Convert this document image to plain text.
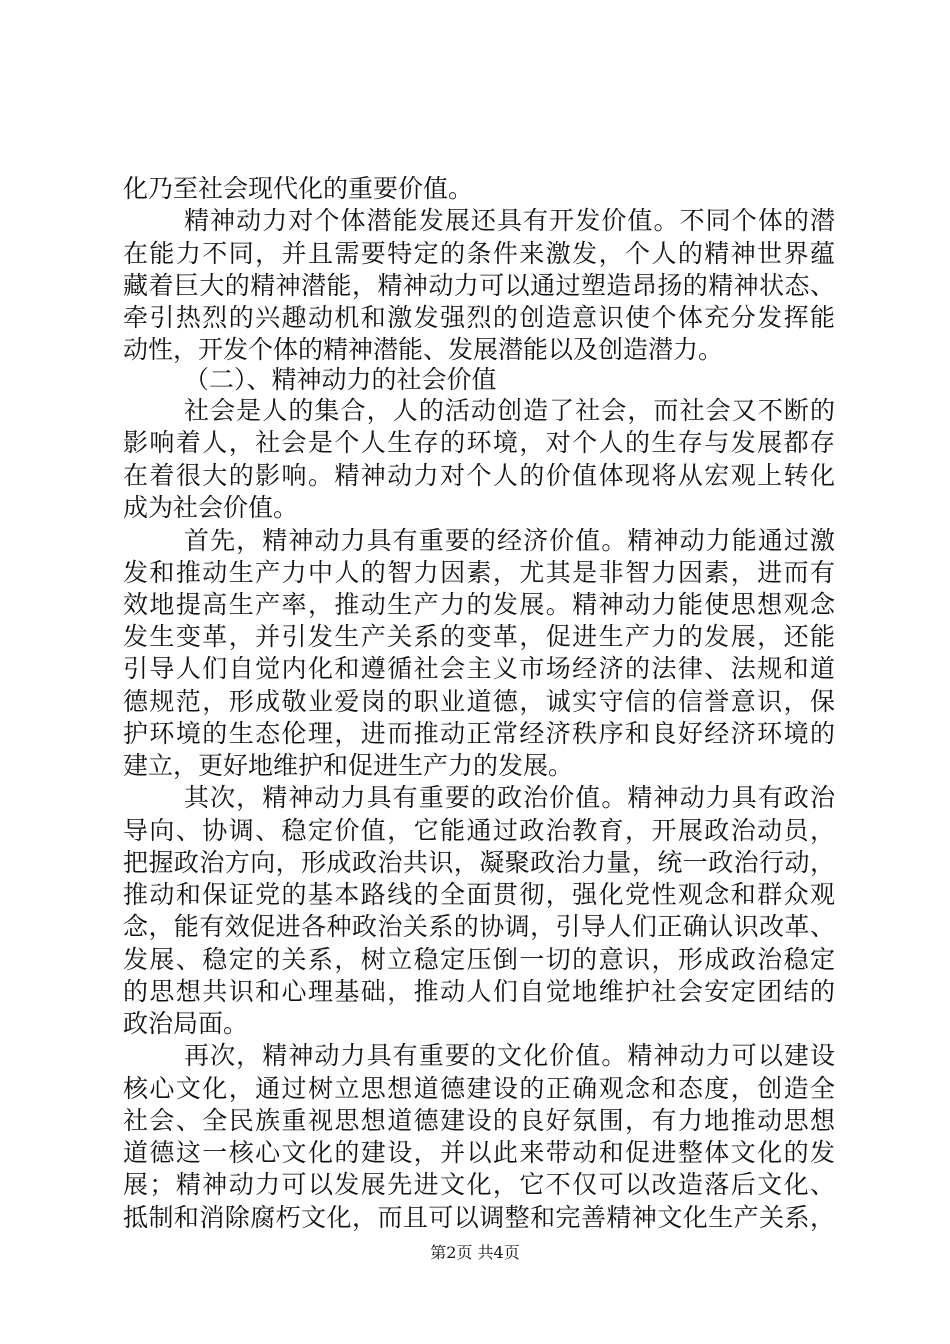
化乃至社会现代化的重要价值。
精神动力对个体潜能发展还具有开发价值。不同个体的潜
在能力不同，并且需要特定的条件来激发，个人的精神世界蕴
藏着巨大的精神潜能，精神动力可以通过塑造昂扬的精神状态、
牵引热烈的兴趣动机和激发强烈的创造意识使个体充分发挥能
动性，开发个体的精神潜能、发展潜能以及创造潜力。
（二）、精神动力的社会价值
社会是人的集合，人的活动创造了社会，而社会又不断的
影响着人，社会是个人生存的环境，对个人的生存与发展都存
在着很大的影响。精神动力对个人的价值体现将从宏观上转化
成为社会价值。
首先，精神动力具有重要的经济价值。精神动力能通过激
发和推动生产力中人的智力因素，尤其是非智力因素，进而有
效地提高生产率，推动生产力的发展。精神动力能使思想观念
发生变革，并引发生产关系的变革，促进生产力的发展，还能
引导人们自觉内化和遵循社会主义市场经济的法律、法规和道
德规范，形成敬业爱岗的职业道德，诚实守信的信誉意识，保
护环境的生态伦理，进而推动正常经济秩序和良好经济环境的
建立，更好地维护和促进生产力的发展。
其次，精神动力具有重要的政治价值。精神动力具有政治
导向、协调、稳定价值，它能通过政治教育，开展政治动员，
把握政治方向，形成政治共识，凝聚政治力量，统一政治行动，
推动和保证党的基本路线的全面贯彻，强化党性观念和群众观
念，能有效促进各种政治关系的协调，引导人们正确认识改革、
发展、稳定的关系，树立稳定压倒一切的意识，形成政治稳定
的思想共识和心理基础，推动人们自觉地维护社会安定团结的
政治局面。
再次，精神动力具有重要的文化价值。精神动力可以建设
核心文化，通过树立思想道德建设的正确观念和态度，创造全
社会、全民族重视思想道德建设的良好氛围，有力地推动思想
道德这一核心文化的建设，并以此来带动和促进整体文化的发
展；精神动力可以发展先进文化，它不仅可以改造落后文化、
抵制和消除腐朽文化，而且可以调整和完善精神文化生产关系，
第2页 共4页
